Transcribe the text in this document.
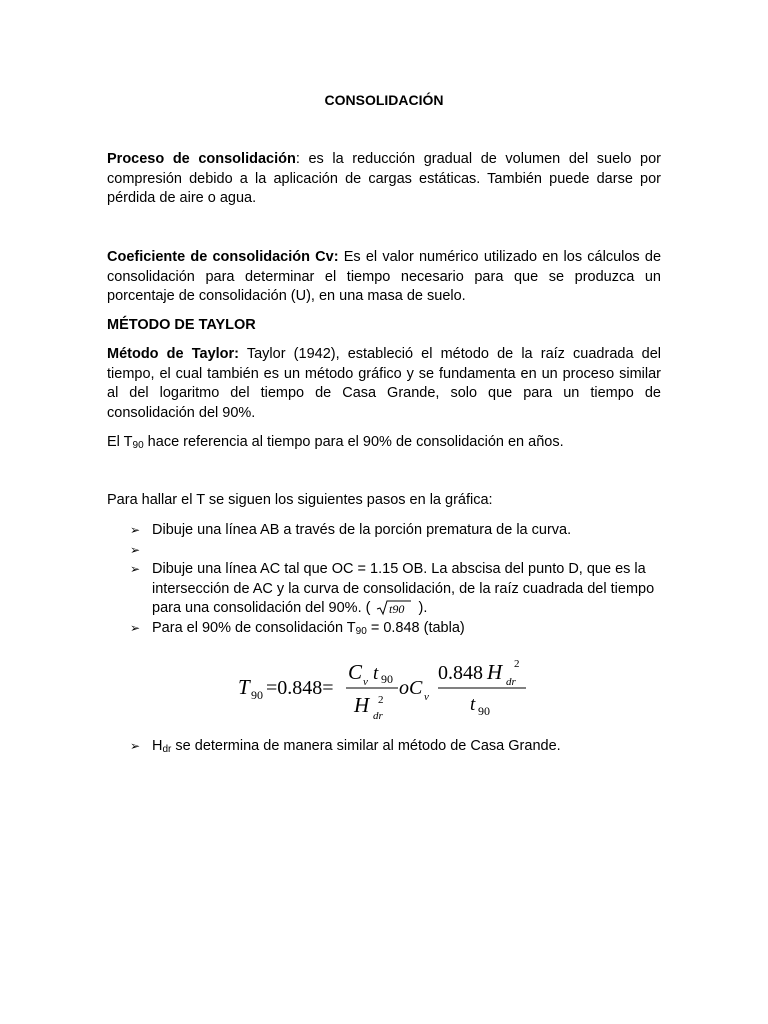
CONSOLIDACIÓN
Proceso de consolidación: es la reducción gradual de volumen del suelo por compresión debido a la aplicación de cargas estáticas. También puede darse por pérdida de aire o agua.
Coeficiente de consolidación Cv: Es el valor numérico utilizado en los cálculos de consolidación para determinar el tiempo necesario para que se produzca un porcentaje de consolidación (U), en una masa de suelo.
MÉTODO DE TAYLOR
Método de Taylor: Taylor (1942), estableció el método de la raíz cuadrada del tiempo, el cual también es un método gráfico y se fundamenta en un proceso similar al del logaritmo del tiempo de Casa Grande, solo que para un tiempo de consolidación del 90%.
El T90 hace referencia al tiempo para el 90% de consolidación en años.
Para hallar el T se siguen los siguientes pasos en la gráfica:
➢ Dibuje una línea AB a través de la porción prematura de la curva.
➢
➢ Dibuje una línea AC tal que OC = 1.15 OB. La abscisa del punto D, que es la intersección de AC y la curva de consolidación, de la raíz cuadrada del tiempo para una consolidación del 90%. ( t90 ).
➢ Para el 90% de consolidación T90 = 0.848 (tabla)
T 90 =0.848=
C v t 90
H dr
2
oC v
0.848 H dr
2
t 90
➢ Hdr se determina de manera similar al método de Casa Grande.
